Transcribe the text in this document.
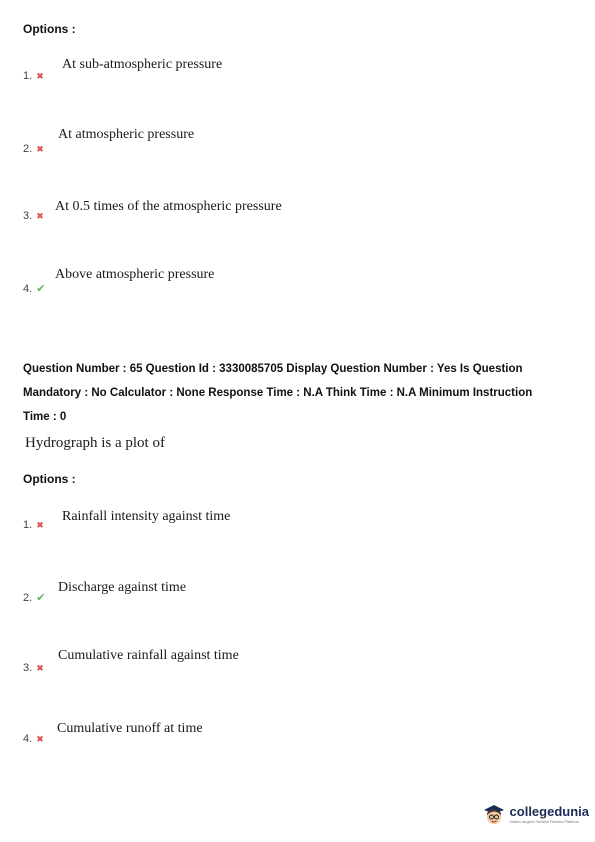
Options :
1. ✖
At sub-atmospheric pressure
2. ✖
At atmospheric pressure
3. ✖
At 0.5 times of the atmospheric pressure
4. ✔
Above atmospheric pressure
Question Number : 65 Question Id : 3330085705 Display Question Number : Yes Is Question
Mandatory : No Calculator : None Response Time : N.A Think Time : N.A Minimum Instruction
Time : 0
Hydrograph is a plot of
Options :
1. ✖
Rainfall intensity against time
2. ✔
Discharge against time
3. ✖
Cumulative rainfall against time
4. ✖
Cumulative runoff at time
collegedunia
India's largest Student Review Platform
